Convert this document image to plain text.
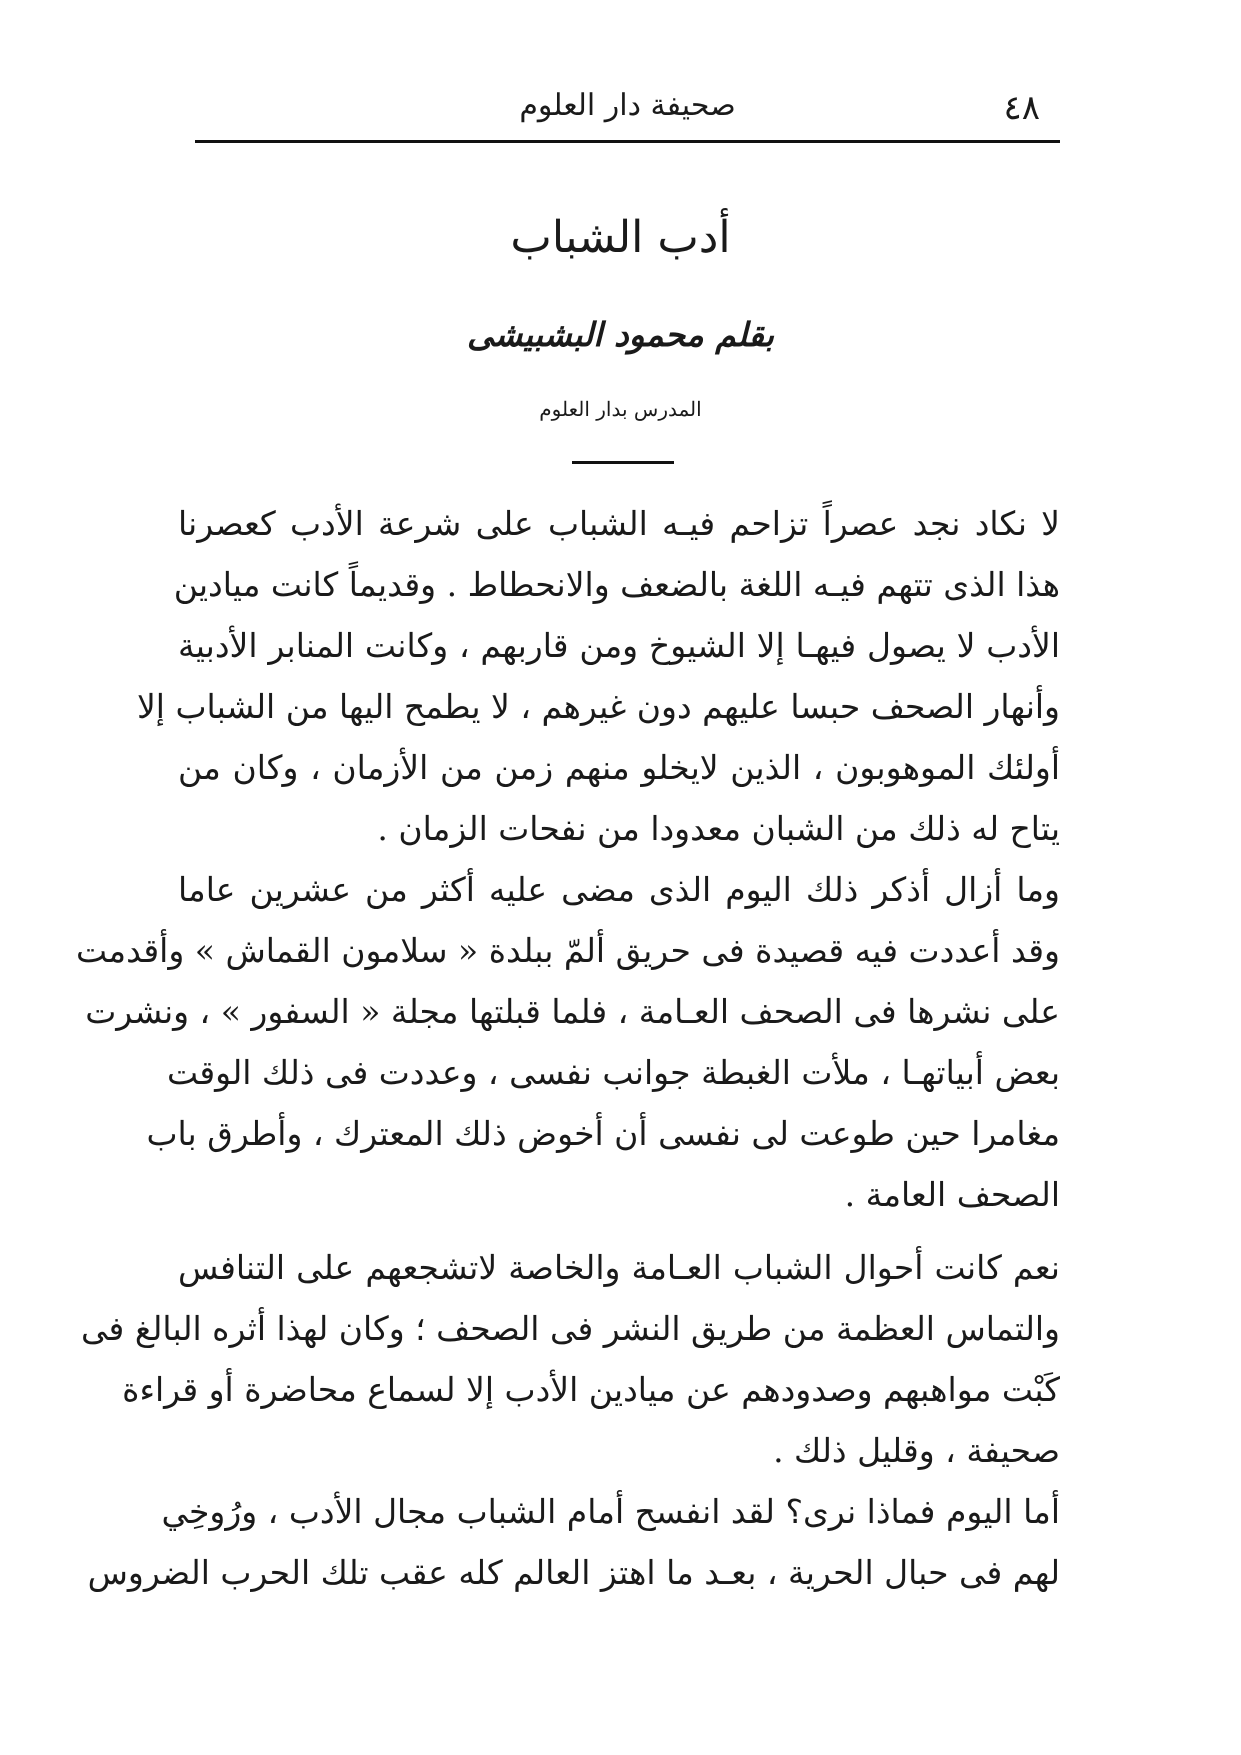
٤٨
صحيفة دار العلوم
أدب الشباب
بقلم محمود البشبيشى
المدرس بدار العلوم
لا نكاد نجد عصراً تزاحم فيـه الشباب على شرعة الأدب كعصرنا
هذا الذى تتهم فيـه اللغة بالضعف والانحطاط . وقديماً كانت ميادين
الأدب لا يصول فيهـا إلا الشيوخ ومن قاربهم ، وكانت المنابر الأدبية
وأنهار الصحف حبسا عليهم دون غيرهم ، لا يطمح اليها من الشباب إلا
أولئك الموهوبون ، الذين لايخلو منهم زمن من الأزمان ، وكان من
يتاح له ذلك من الشبان معدودا من نفحات الزمان .
وما أزال أذكر ذلك اليوم الذى مضى عليه أكثر من عشرين عاما
وقد أعددت فيه قصيدة فى حريق ألمّ ببلدة « سلامون القماش » وأقدمت
على نشرها فى الصحف العـامة ، فلما قبلتها مجلة « السفور » ، ونشرت
بعض أبياتهـا ، ملأت الغبطة جوانب نفسى ، وعددت فى ذلك الوقت
مغامرا حين طوعت لى نفسى أن أخوض ذلك المعترك ، وأطرق باب
الصحف العامة .
نعم كانت أحوال الشباب العـامة والخاصة لاتشجعهم على التنافس
والتماس العظمة من طريق النشر فى الصحف ؛ وكان لهذا أثره البالغ فى
كَبْت مواهبهم وصدودهم عن ميادين الأدب إلا لسماع محاضرة أو قراءة
صحيفة ، وقليل ذلك .
أما اليوم فماذا نرى؟ لقد انفسح أمام الشباب مجال الأدب ، ورُوخِي
لهم فى حبال الحرية ، بعـد ما اهتز العالم كله عقب تلك الحرب الضروس
